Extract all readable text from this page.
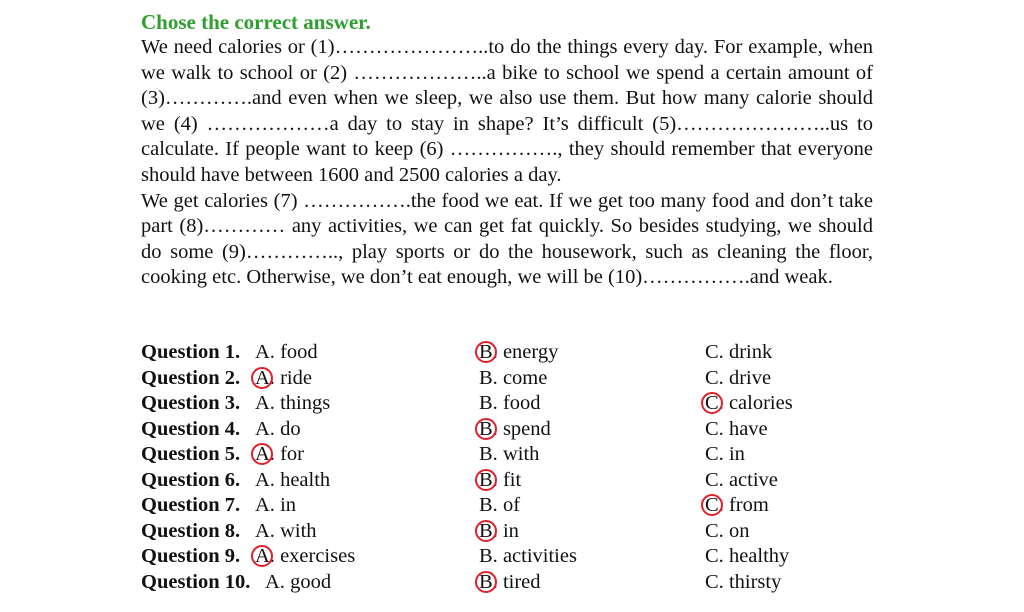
Chose the correct answer.

We need calories or (1)…………………..to do the things every day. For example, when we walk to school or (2) ………………..a bike to school we spend a certain amount of (3)………….and even when we sleep, we also use them. But how many calorie should we (4) ………………a day to stay in shape? It’s difficult (5)…………………..us to calculate. If people want to keep (6) ……………., they should remember that everyone should have between 1600 and 2500 calories a day.

We get calories (7) …………….the food we eat. If we get too many food and don’t take part (8)………… any activities, we can get fat quickly. So besides studying, we should do some (9)………….., play sports or do the housework, such as cleaning the floor, cooking etc. Otherwise, we don’t eat enough, we will be (10)…………….and weak.

Question 1. A. food	B. energy	C. drink
Question 2. A. ride	B. come	C. drive
Question 3. A. things	B. food	C. calories
Question 4. A. do	B. spend	C. have
Question 5. A. for	B. with	C. in
Question 6. A. health	B. fit	C. active
Question 7. A. in	B. of	C. from
Question 8. A. with	B. in	C. on
Question 9. A. exercises	B. activities	C. healthy
Question 10. A. good	B. tired	C. thirsty
